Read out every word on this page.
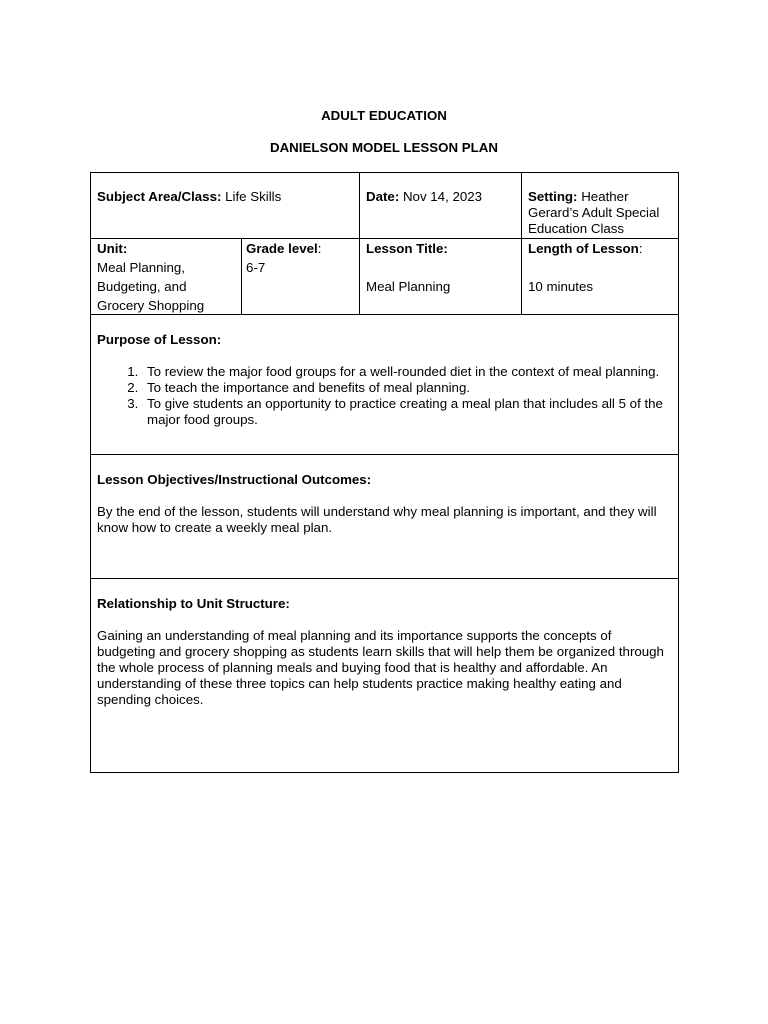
ADULT EDUCATION
DANIELSON MODEL LESSON PLAN
Subject Area/Class: Life Skills	Date: Nov 14, 2023	Setting: Heather Gerard’s Adult Special Education Class
Unit:
Meal Planning,
Budgeting, and
Grocery Shopping
Grade level:
6-7
Lesson Title:
Meal Planning
Length of Lesson:
10 minutes

Purpose of Lesson:

1. To review the major food groups for a well-rounded diet in the context of meal planning.
2. To teach the importance and benefits of meal planning.
3. To give students an opportunity to practice creating a meal plan that includes all 5 of the major food groups.

Lesson Objectives/Instructional Outcomes:

By the end of the lesson, students will understand why meal planning is important, and they will know how to create a weekly meal plan.

Relationship to Unit Structure:

Gaining an understanding of meal planning and its importance supports the concepts of budgeting and grocery shopping as students learn skills that will help them be organized through the whole process of planning meals and buying food that is healthy and affordable. An understanding of these three topics can help students practice making healthy eating and spending choices.
